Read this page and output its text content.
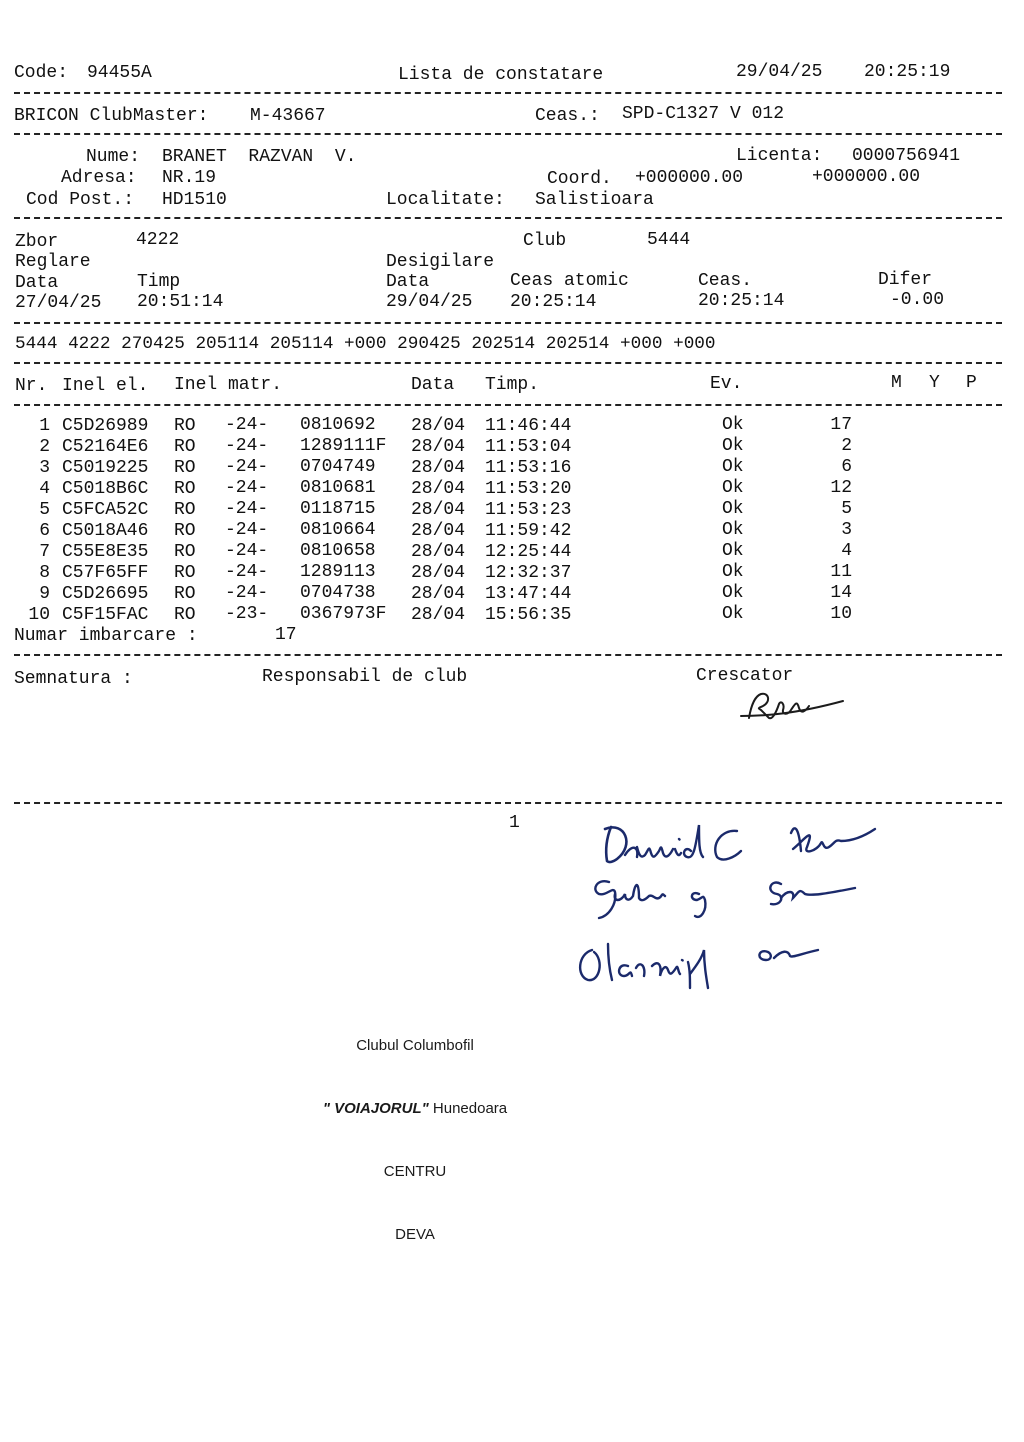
Code: 94455A	Lista de constatare	29/04/25 20:25:19
BRICON ClubMaster: M-43667	Ceas.: SPD-C1327 V 012
Nume: BRANET  RAZVAN  V.	Licenta: 0000756941
Adresa: NR.19	Coord. +000000.00	+000000.00
Cod Post.: HD1510	Localitate: Salistioara
Zbor	4222	Club	5444
Reglare	Desigilare
Data	Timp	Data	Ceas atomic	Ceas.	Difer
27/04/25 20:51:14	29/04/25 20:25:14	20:25:14	-0.00
5444 4222 270425 205114 205114 +000 290425 202514 202514 +000 +000
Nr. Inel el. Inel matr.	Data Timp.	Ev.	M Y P
1 C5D26989 RO -24- 0810692 28/04 11:46:44	Ok	17
2 C52164E6 RO -24- 1289111F 28/04 11:53:04	Ok	2
3 C5019225 RO -24- 0704749 28/04 11:53:16	Ok	6
4 C5018B6C RO -24- 0810681 28/04 11:53:20	Ok	12
5 C5FCA52C RO -24- 0118715 28/04 11:53:23	Ok	5
6 C5018A46 RO -24- 0810664 28/04 11:59:42	Ok	3
7 C55E8E35 RO -24- 0810658 28/04 12:25:44	Ok	4
8 C57F65FF RO -24- 1289113 28/04 12:32:37	Ok	11
9 C5D26695 RO -24- 0704738 28/04 13:47:44	Ok	14
10 C5F15FAC RO -23- 0367973F 28/04 15:56:35	Ok	10
Numar imbarcare :	17
Semnatura :	Responsabil de club	Crescator
1

Clubul Columbofil

" VOIAJORUL" Hunedoara

CENTRU

DEVA
